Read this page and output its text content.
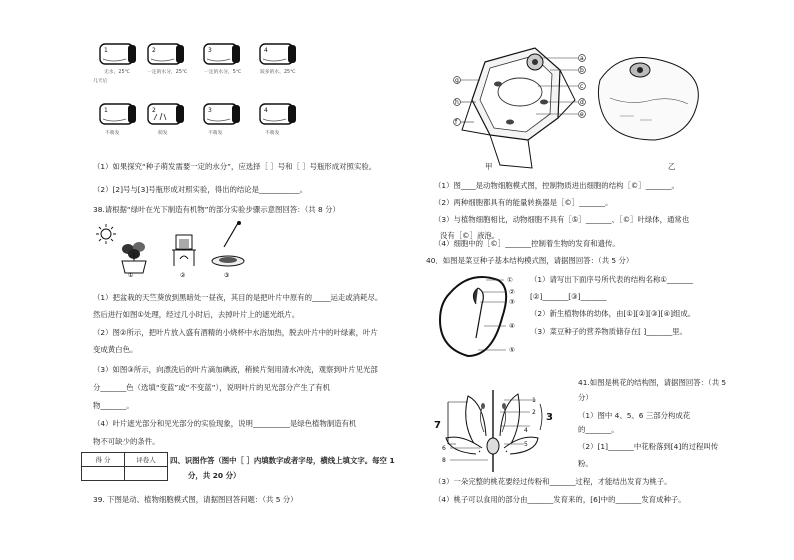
1	2	3	4
无水，25℃	一定的水分，25℃	一定的水分，5℃	较多的水，25℃
几天后
1	2	3	4
不萌发	萌发	不萌发	不萌发
（1）如果探究“种子萌发需要一定的水分”，应选择［ ］号和［ ］号瓶形成对照实验。
（2）[2]号与[3]号瓶形成对照实验，得出的结论是___________。
38.请根据“绿叶在光下制造有机物”的部分实验步骤示意图回答：（共 8 分）
①	②	③
（1）把盆栽的天竺葵放到黑暗处一昼夜，其目的是把叶片中原有的_____运走或消耗尽。
然后进行如图①处理，经过几小时后，去掉叶片上的遮光纸片。
（2）图②所示，把叶片放入盛有酒精的小烧杯中水浴加热，脱去叶片中的叶绿素，叶片
变成黄白色。
（3）如图③所示，向漂洗后的叶片滴加碘液，稍候片刻用清水冲洗，观察到叶片见光部
分_______色（选填“变蓝”或“不变蓝”），说明叶片的见光部分产生了有机
物_______。
（4）叶片遮光部分和见光部分的实验现象，说明__________是绿色植物制造有机
物不可缺少的条件。
得 分	评卷人
	四、识图作答（图中［ ］内填数字或者字母，横线上填文字。每空 1
分，共 20 分）
39. 下图是动、植物细胞模式图，请据图回答问题：（共 5 分）
a
b
c
d
e
g
h
f
甲	乙
（1）图____是动物细胞模式图，控制物质进出细胞的结构［©］_______。
（2）两种细胞都具有的能量转换器是［©］_______。
（3）与植物细胞相比，动物细胞不具有［⑤］_______、［©］叶绿体，通常也
没有［©］液泡。
（4）细胞中的［©］_______控制着生物的发育和遗传。
40．如图是菜豆种子基本结构模式图，请据图回答：（共 5 分）
①
②
③
④
⑤
（1）请写出下面序号所代表的结构名称①_______
[②]_______[③]_______
（2）新生植物体的幼体，由[①][②][③][④]组成。
（3）菜豆种子的营养物质储存在[ ]_______里。
7
1
2 3
4
5
6
8
41.如图是桃花的结构图，请据图回答：（共 5
分）
（1）图中 4、5、6 三部分构成花
的_______。
（2）[1]_______中花粉落到[4]的过程叫传
粉。
（3）一朵完整的桃花要经过传粉和_______过程，才能结出发育为桃子。
（4）桃子可以食用的部分由_______发育来的，[6]中的_______发育成种子。
